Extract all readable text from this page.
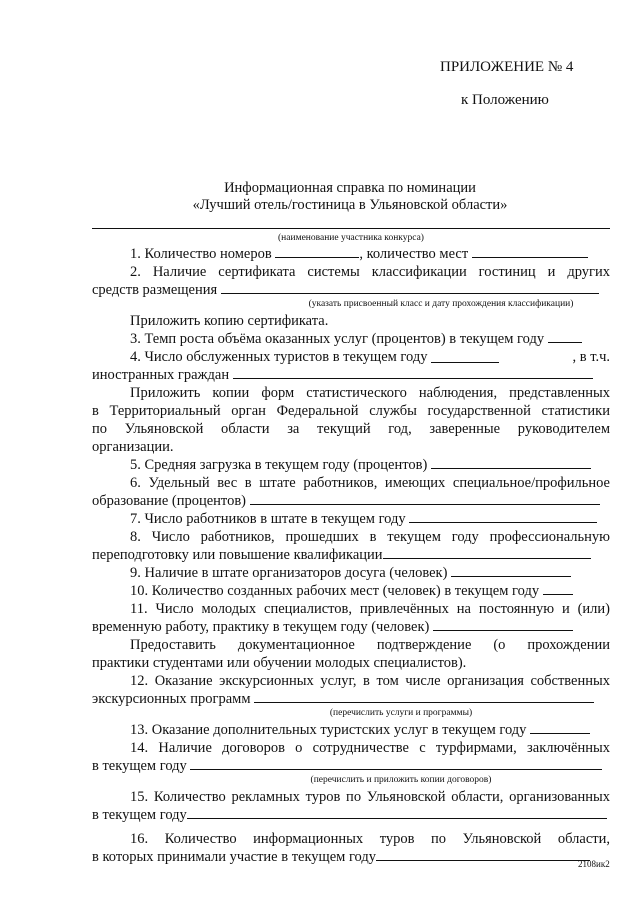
ПРИЛОЖЕНИЕ № 4
к Положению
Информационная справка по номинации
«Лучший отель/гостиница в Ульяновской области»
(наименование участника конкурса)
1. Количество номеров	, количество мест
2. Наличие сертификата системы классификации гостиниц и других
средств размещения
(указать присвоенный класс и дату прохождения классификации)
Приложить копию сертификата.
3. Темп роста объёма оказанных услуг (процентов) в текущем году
4. Число обслуженных туристов в текущем году
	, в т.ч.
иностранных граждан
Приложить копии форм статистического наблюдения, представленных
в Территориальный орган Федеральной службы государственной статистики
по Ульяновской области за текущий год, заверенные руководителем
организации.
5. Средняя загрузка в текущем году (процентов)
6. Удельный вес в штате работников, имеющих специальное/профильное
образование (процентов)
7. Число работников в штате в текущем году
8. Число работников, прошедших в текущем году профессиональную
переподготовку или повышение квалификации
9. Наличие в штате организаторов досуга (человек)
10. Количество созданных рабочих мест (человек) в текущем году
11. Число молодых специалистов, привлечённых на постоянную и (или)
временную работу, практику в текущем году (человек)
Предоставить документационное подтверждение (о прохождении
практики студентами или обучении молодых специалистов).
12. Оказание экскурсионных услуг, в том числе организация собственных
экскурсионных программ
(перечислить услуги и программы)
13. Оказание дополнительных туристских услуг в текущем году
14. Наличие договоров о сотрудничестве с турфирмами, заключённых
в текущем году
(перечислить и приложить копии договоров)
15. Количество рекламных туров по Ульяновской области, организованных
в текущем году
16. Количество информационных туров по Ульяновской области,
в которых принимали участие в текущем году	2108ик2
